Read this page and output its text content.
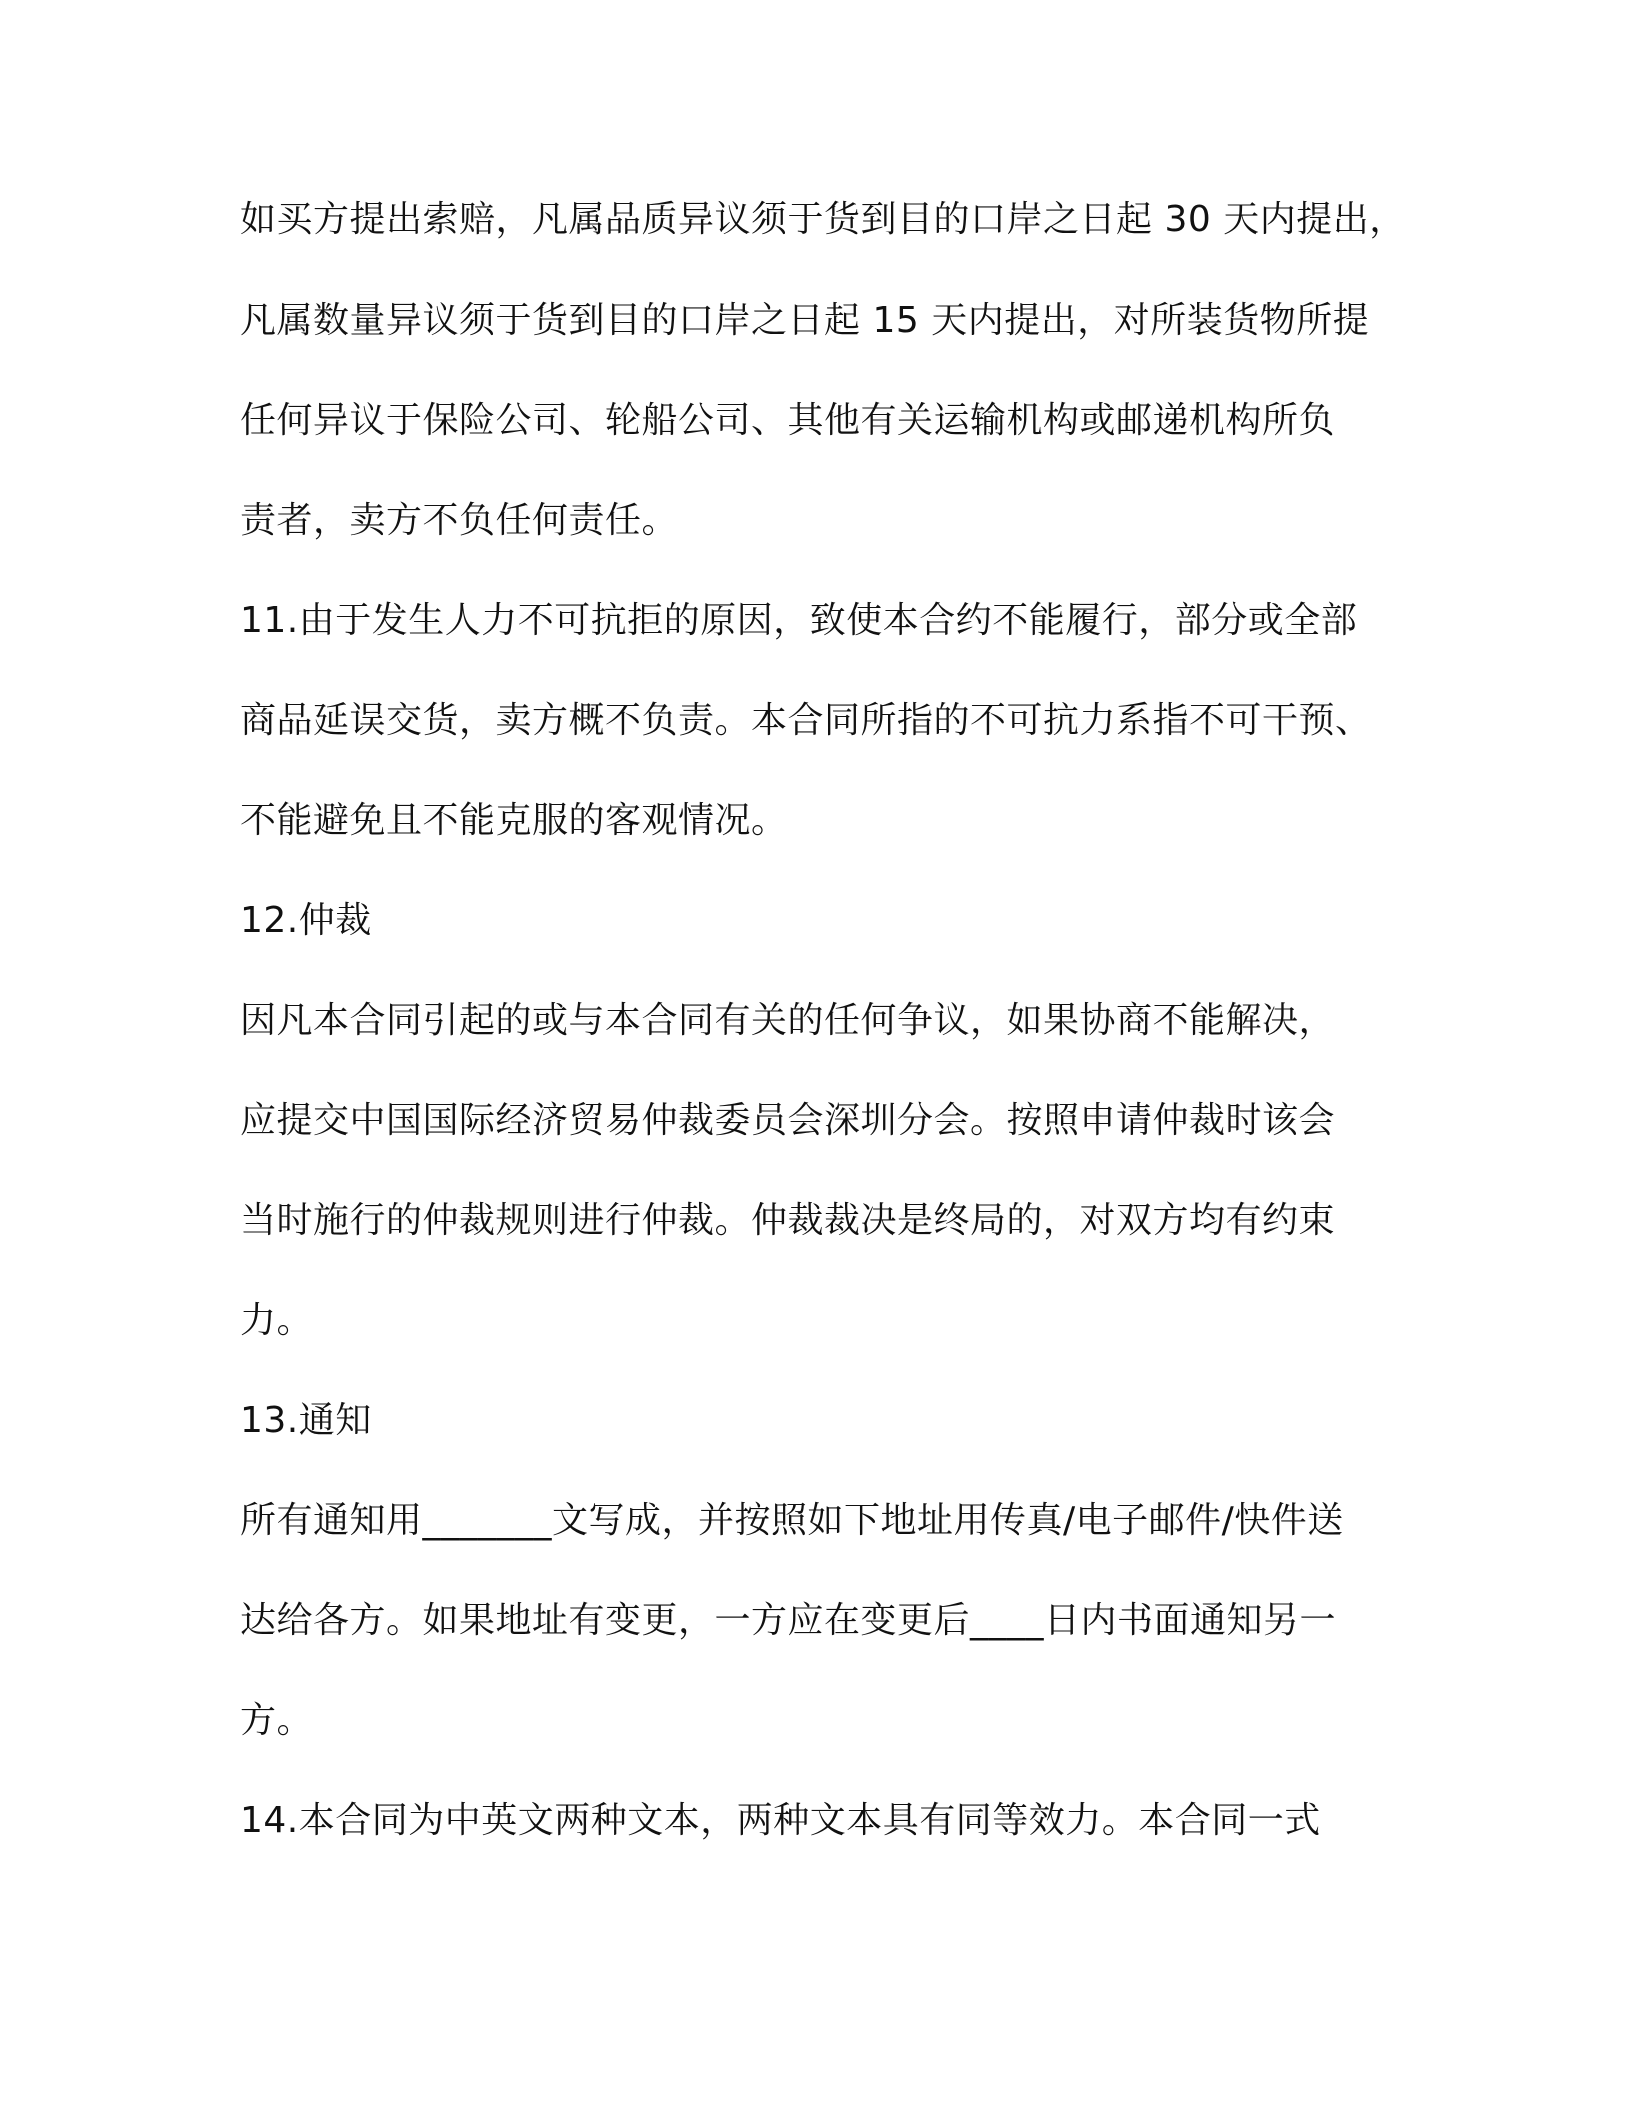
如买方提出索赔，凡属品质异议须于货到目的口岸之日起 30 天内提出，
凡属数量异议须于货到目的口岸之日起 15 天内提出，对所装货物所提
任何异议于保险公司、轮船公司、其他有关运输机构或邮递机构所负
责者，卖方不负任何责任。
11.由于发生人力不可抗拒的原因，致使本合约不能履行，部分或全部
商品延误交货，卖方概不负责。本合同所指的不可抗力系指不可干预、
不能避免且不能克服的客观情况。
12.仲裁
因凡本合同引起的或与本合同有关的任何争议，如果协商不能解决，
应提交中国国际经济贸易仲裁委员会深圳分会。按照申请仲裁时该会
当时施行的仲裁规则进行仲裁。仲裁裁决是终局的，对双方均有约束
力。
13.通知
所有通知用_______文写成，并按照如下地址用传真/电子邮件/快件送
达给各方。如果地址有变更，一方应在变更后____日内书面通知另一
方。
14.本合同为中英文两种文本，两种文本具有同等效力。本合同一式
